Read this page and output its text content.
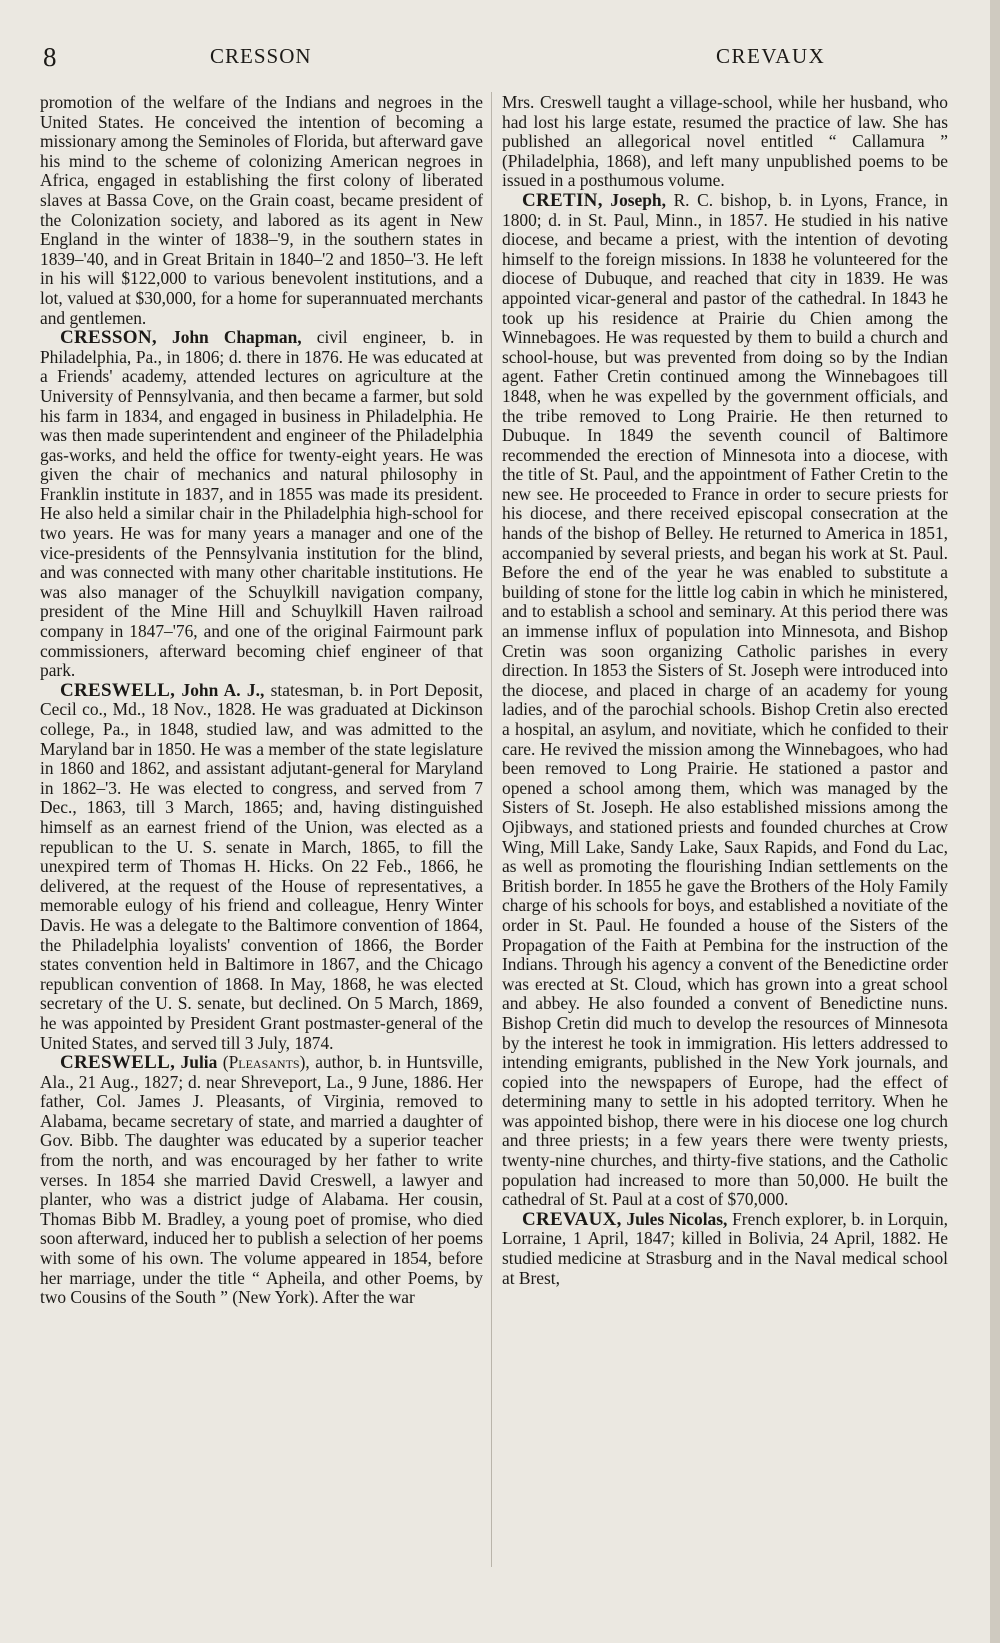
8	CRESSON	CREVAUX

promotion of the welfare of the Indians and negroes in the United States. He conceived the intention of becoming a missionary among the Seminoles of Florida, but afterward gave his mind to the scheme of colonizing American negroes in Africa, engaged in establishing the first colony of liberated slaves at Bassa Cove, on the Grain coast, became president of the Colonization society, and labored as its agent in New England in the winter of 1838–'9, in the southern states in 1839–'40, and in Great Britain in 1840–'2 and 1850–'3. He left in his will $122,000 to various benevolent institutions, and a lot, valued at $30,000, for a home for superannuated merchants and gentlemen.

CRESSON, John Chapman, civil engineer, b. in Philadelphia, Pa., in 1806; d. there in 1876. He was educated at a Friends' academy, attended lectures on agriculture at the University of Pennsylvania, and then became a farmer, but sold his farm in 1834, and engaged in business in Philadelphia. He was then made superintendent and engineer of the Philadelphia gas-works, and held the office for twenty-eight years. He was given the chair of mechanics and natural philosophy in Franklin institute in 1837, and in 1855 was made its president. He also held a similar chair in the Philadelphia high-school for two years. He was for many years a manager and one of the vice-presidents of the Pennsylvania institution for the blind, and was connected with many other charitable institutions. He was also manager of the Schuylkill navigation company, president of the Mine Hill and Schuylkill Haven railroad company in 1847–'76, and one of the original Fairmount park commissioners, afterward becoming chief engineer of that park.

CRESWELL, John A. J., statesman, b. in Port Deposit, Cecil co., Md., 18 Nov., 1828. He was graduated at Dickinson college, Pa., in 1848, studied law, and was admitted to the Maryland bar in 1850. He was a member of the state legislature in 1860 and 1862, and assistant adjutant-general for Maryland in 1862–'3. He was elected to congress, and served from 7 Dec., 1863, till 3 March, 1865; and, having distinguished himself as an earnest friend of the Union, was elected as a republican to the U. S. senate in March, 1865, to fill the unexpired term of Thomas H. Hicks. On 22 Feb., 1866, he delivered, at the request of the House of representatives, a memorable eulogy of his friend and colleague, Henry Winter Davis. He was a delegate to the Baltimore convention of 1864, the Philadelphia loyalists' convention of 1866, the Border states convention held in Baltimore in 1867, and the Chicago republican convention of 1868. In May, 1868, he was elected secretary of the U. S. senate, but declined. On 5 March, 1869, he was appointed by President Grant postmaster-general of the United States, and served till 3 July, 1874.

CRESWELL, Julia (Pleasants), author, b. in Huntsville, Ala., 21 Aug., 1827; d. near Shreveport, La., 9 June, 1886. Her father, Col. James J. Pleasants, of Virginia, removed to Alabama, became secretary of state, and married a daughter of Gov. Bibb. The daughter was educated by a superior teacher from the north, and was encouraged by her father to write verses. In 1854 she married David Creswell, a lawyer and planter, who was a district judge of Alabama. Her cousin, Thomas Bibb M. Bradley, a young poet of promise, who died soon afterward, induced her to publish a selection of her poems with some of his own. The volume appeared in 1854, before her marriage, under the title “ Apheila, and other Poems, by two Cousins of the South ” (New York). After the war

Mrs. Creswell taught a village-school, while her husband, who had lost his large estate, resumed the practice of law. She has published an allegorical novel entitled “ Callamura ” (Philadelphia, 1868), and left many unpublished poems to be issued in a posthumous volume.

CRETIN, Joseph, R. C. bishop, b. in Lyons, France, in 1800; d. in St. Paul, Minn., in 1857. He studied in his native diocese, and became a priest, with the intention of devoting himself to the foreign missions. In 1838 he volunteered for the diocese of Dubuque, and reached that city in 1839. He was appointed vicar-general and pastor of the cathedral. In 1843 he took up his residence at Prairie du Chien among the Winnebagoes. He was requested by them to build a church and school-house, but was prevented from doing so by the Indian agent. Father Cretin continued among the Winnebagoes till 1848, when he was expelled by the government officials, and the tribe removed to Long Prairie. He then returned to Dubuque. In 1849 the seventh council of Baltimore recommended the erection of Minnesota into a diocese, with the title of St. Paul, and the appointment of Father Cretin to the new see. He proceeded to France in order to secure priests for his diocese, and there received episcopal consecration at the hands of the bishop of Belley. He returned to America in 1851, accompanied by several priests, and began his work at St. Paul. Before the end of the year he was enabled to substitute a building of stone for the little log cabin in which he ministered, and to establish a school and seminary. At this period there was an immense influx of population into Minnesota, and Bishop Cretin was soon organizing Catholic parishes in every direction. In 1853 the Sisters of St. Joseph were introduced into the diocese, and placed in charge of an academy for young ladies, and of the parochial schools. Bishop Cretin also erected a hospital, an asylum, and novitiate, which he confided to their care. He revived the mission among the Winnebagoes, who had been removed to Long Prairie. He stationed a pastor and opened a school among them, which was managed by the Sisters of St. Joseph. He also established missions among the Ojibways, and stationed priests and founded churches at Crow Wing, Mill Lake, Sandy Lake, Saux Rapids, and Fond du Lac, as well as promoting the flourishing Indian settlements on the British border. In 1855 he gave the Brothers of the Holy Family charge of his schools for boys, and established a novitiate of the order in St. Paul. He founded a house of the Sisters of the Propagation of the Faith at Pembina for the instruction of the Indians. Through his agency a convent of the Benedictine order was erected at St. Cloud, which has grown into a great school and abbey. He also founded a convent of Benedictine nuns. Bishop Cretin did much to develop the resources of Minnesota by the interest he took in immigration. His letters addressed to intending emigrants, published in the New York journals, and copied into the newspapers of Europe, had the effect of determining many to settle in his adopted territory. When he was appointed bishop, there were in his diocese one log church and three priests; in a few years there were twenty priests, twenty-nine churches, and thirty-five stations, and the Catholic population had increased to more than 50,000. He built the cathedral of St. Paul at a cost of $70,000.

CREVAUX, Jules Nicolas, French explorer, b. in Lorquin, Lorraine, 1 April, 1847; killed in Bolivia, 24 April, 1882. He studied medicine at Strasburg and in the Naval medical school at Brest,
